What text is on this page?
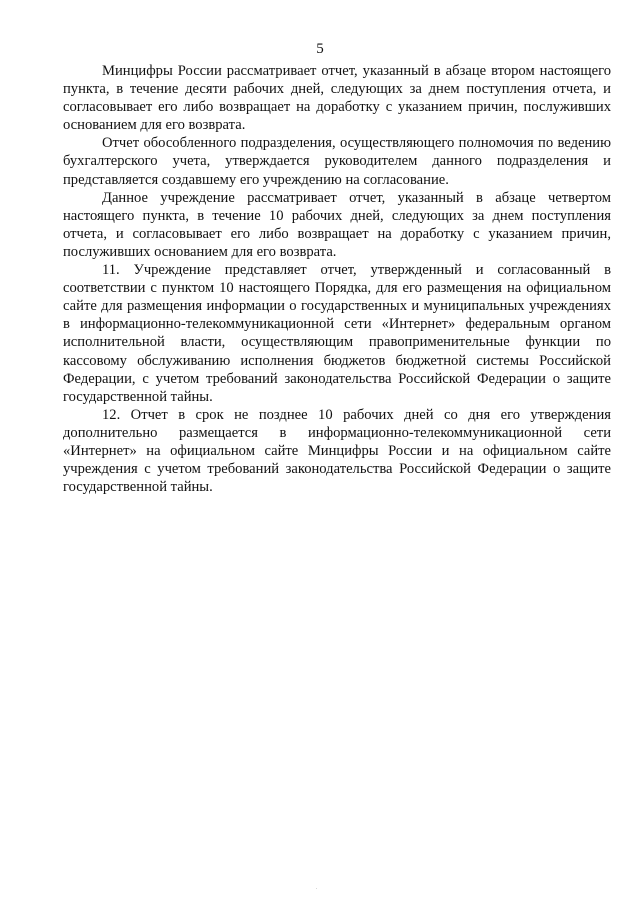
5

Минцифры России рассматривает отчет, указанный в абзаце втором настоящего пункта, в течение десяти рабочих дней, следующих за днем поступления отчета, и согласовывает его либо возвращает на доработку с указанием причин, послуживших основанием для его возврата.

Отчет обособленного подразделения, осуществляющего полномочия по ведению бухгалтерского учета, утверждается руководителем данного подразделения и представляется создавшему его учреждению на согласование.

Данное учреждение рассматривает отчет, указанный в абзаце четвертом настоящего пункта, в течение 10 рабочих дней, следующих за днем поступления отчета, и согласовывает его либо возвращает на доработку с указанием причин, послуживших основанием для его возврата.

11. Учреждение представляет отчет, утвержденный и согласованный в соответствии с пунктом 10 настоящего Порядка, для его размещения на официальном сайте для размещения информации о государственных и муниципальных учреждениях в информационно-телекоммуникационной сети «Интернет» федеральным органом исполнительной власти, осуществляющим правоприменительные функции по кассовому обслуживанию исполнения бюджетов бюджетной системы Российской Федерации, с учетом требований законодательства Российской Федерации о защите государственной тайны.

12. Отчет в срок не позднее 10 рабочих дней со дня его утверждения дополнительно размещается в информационно-телекоммуникационной сети «Интернет» на официальном сайте Минцифры России и на официальном сайте учреждения с учетом требований законодательства Российской Федерации о защите государственной тайны.
